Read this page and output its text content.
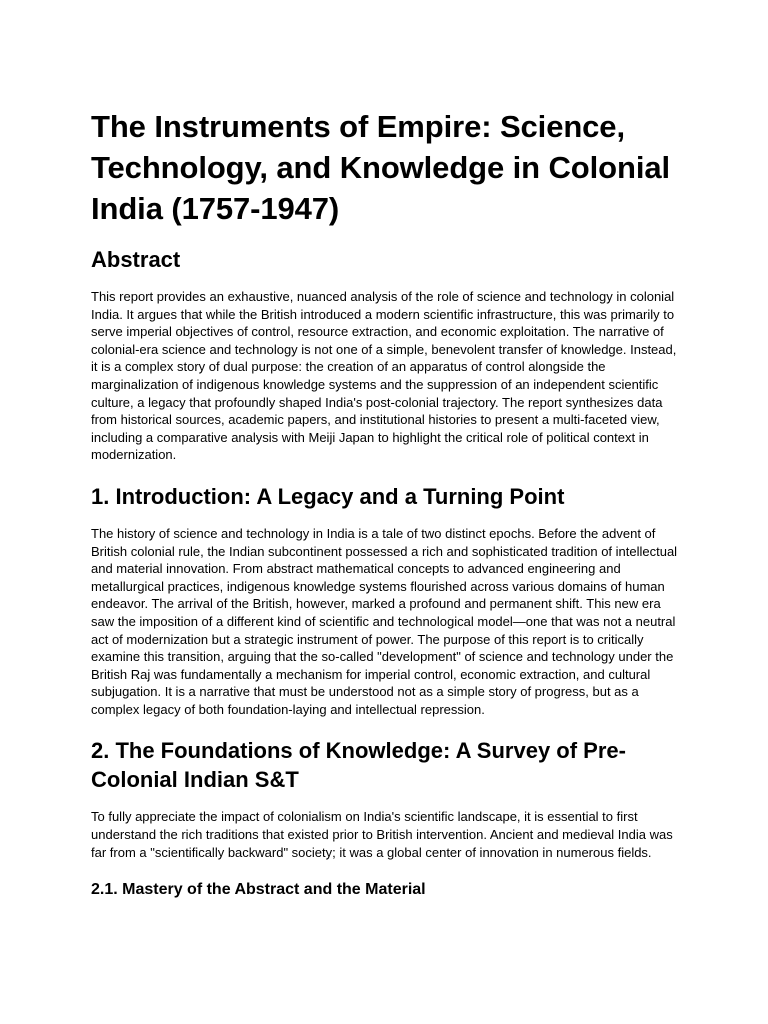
The Instruments of Empire: Science, Technology, and Knowledge in Colonial India (1757-1947)
Abstract

This report provides an exhaustive, nuanced analysis of the role of science and technology in colonial India. It argues that while the British introduced a modern scientific infrastructure, this was primarily to serve imperial objectives of control, resource extraction, and economic exploitation. The narrative of colonial-era science and technology is not one of a simple, benevolent transfer of knowledge. Instead, it is a complex story of dual purpose: the creation of an apparatus of control alongside the marginalization of indigenous knowledge systems and the suppression of an independent scientific culture, a legacy that profoundly shaped India's post-colonial trajectory. The report synthesizes data from historical sources, academic papers, and institutional histories to present a multi-faceted view, including a comparative analysis with Meiji Japan to highlight the critical role of political context in modernization.

1. Introduction: A Legacy and a Turning Point

The history of science and technology in India is a tale of two distinct epochs. Before the advent of British colonial rule, the Indian subcontinent possessed a rich and sophisticated tradition of intellectual and material innovation. From abstract mathematical concepts to advanced engineering and metallurgical practices, indigenous knowledge systems flourished across various domains of human endeavor. The arrival of the British, however, marked a profound and permanent shift. This new era saw the imposition of a different kind of scientific and technological model—one that was not a neutral act of modernization but a strategic instrument of power. The purpose of this report is to critically examine this transition, arguing that the so-called "development" of science and technology under the British Raj was fundamentally a mechanism for imperial control, economic extraction, and cultural subjugation. It is a narrative that must be understood not as a simple story of progress, but as a complex legacy of both foundation-laying and intellectual repression.

2. The Foundations of Knowledge: A Survey of Pre-Colonial Indian S&T

To fully appreciate the impact of colonialism on India's scientific landscape, it is essential to first understand the rich traditions that existed prior to British intervention. Ancient and medieval India was far from a "scientifically backward" society; it was a global center of innovation in numerous fields.

2.1. Mastery of the Abstract and the Material
